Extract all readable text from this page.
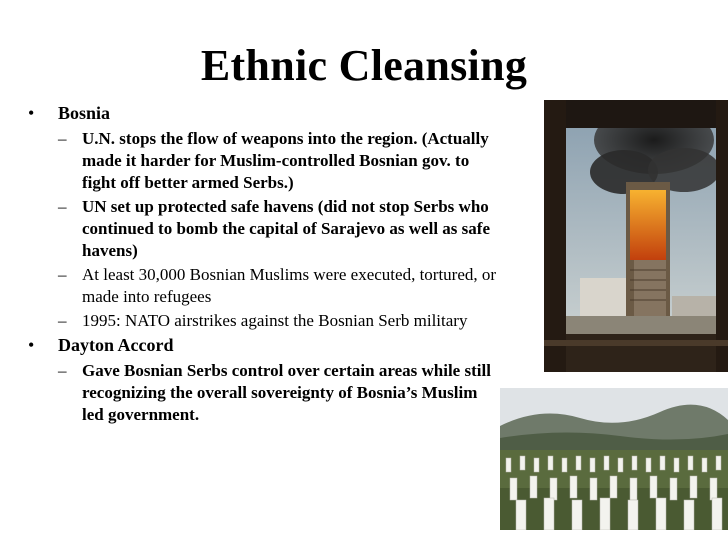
Ethnic Cleansing
• Bosnia
– U.N. stops the flow of weapons into the region. (Actually made it harder for Muslim-controlled Bosnian gov. to fight off better armed Serbs.)
– UN set up protected safe havens (did not stop Serbs who continued to bomb the capital of Sarajevo as well as safe havens)
– At least 30,000 Bosnian Muslims were executed, tortured, or made into refugees
– 1995: NATO airstrikes against the Bosnian Serb military
• Dayton Accord
– Gave Bosnian Serbs control over certain areas while still recognizing the overall sovereignty of Bosnia’s Muslim led government.
